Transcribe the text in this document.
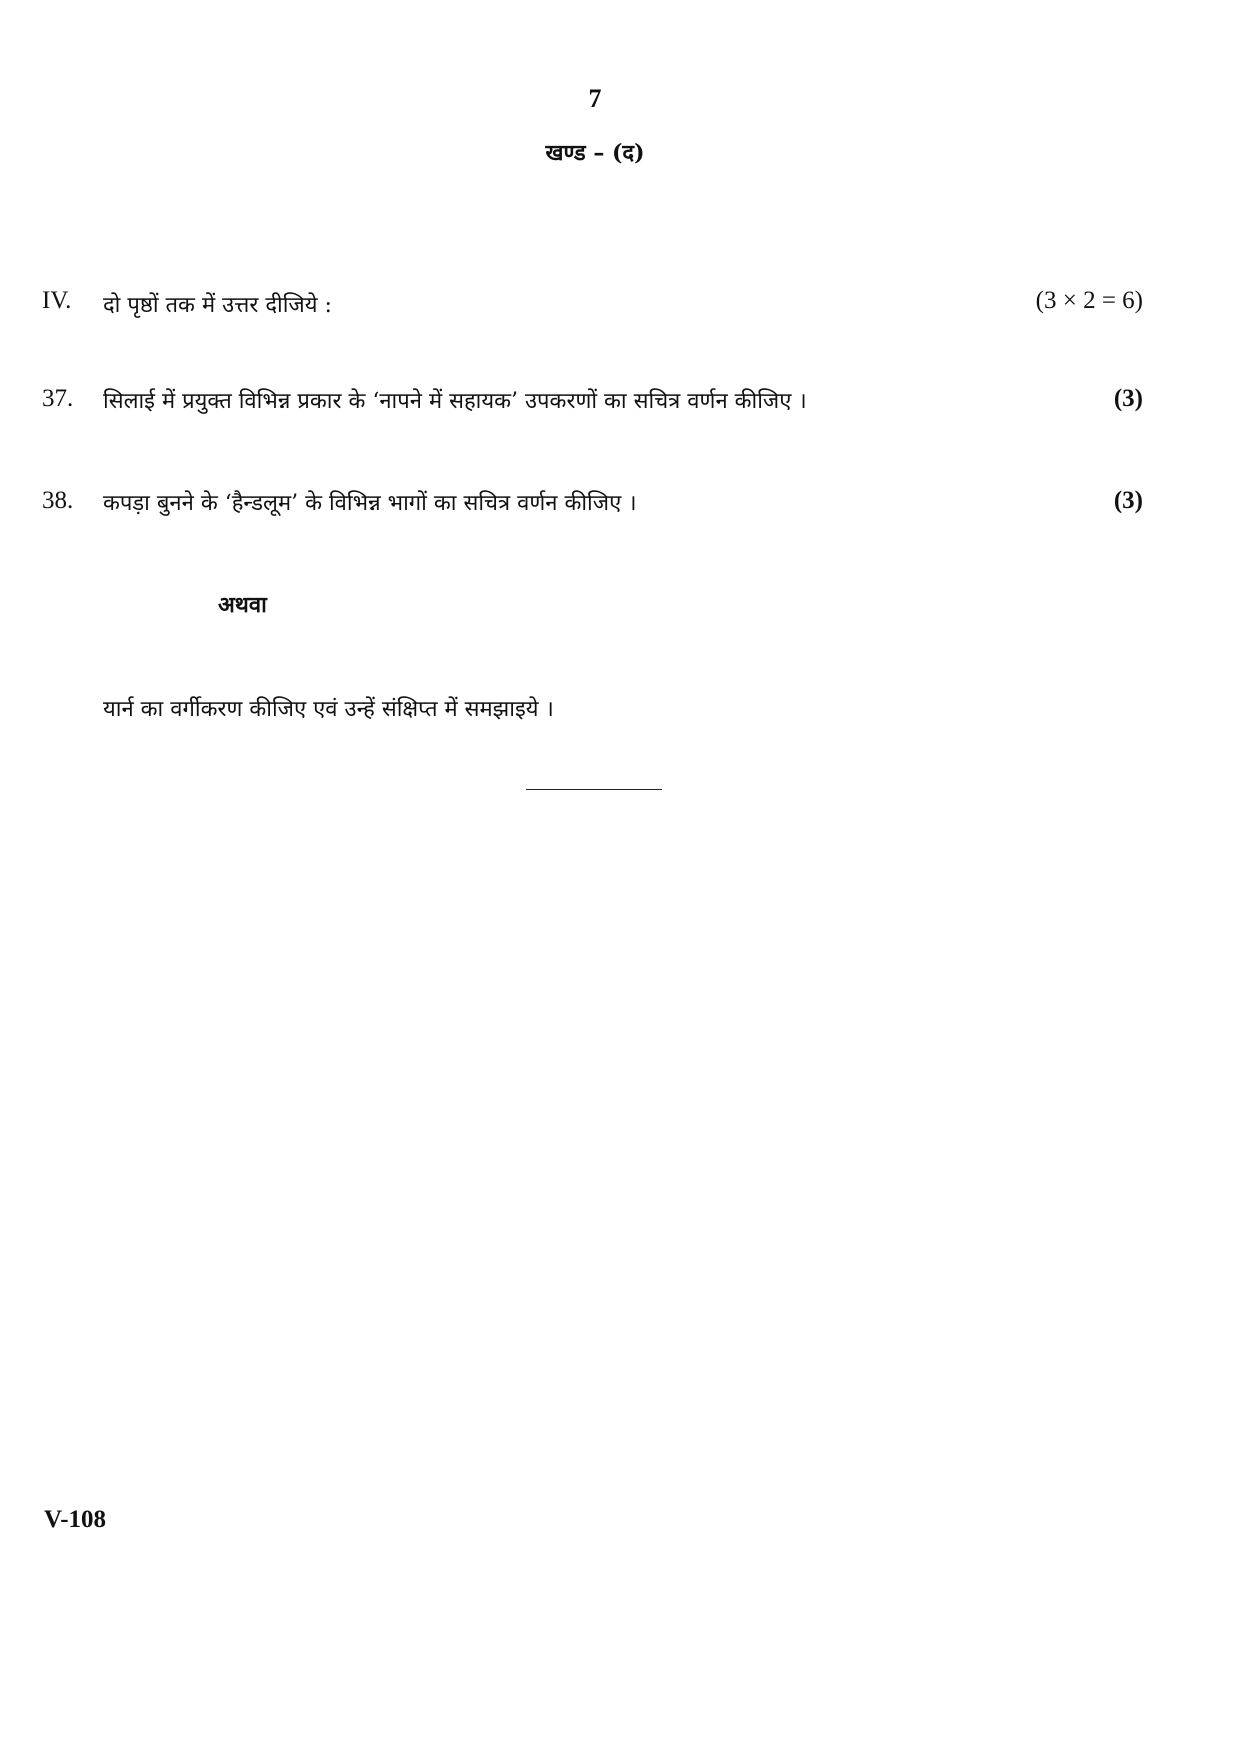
7
खण्ड – (द)
IV. दो पृष्ठों तक में उत्तर दीजिये :	(3 × 2 = 6)
37. सिलाई में प्रयुक्त विभिन्न प्रकार के ‘नापने में सहायक’ उपकरणों का सचित्र वर्णन कीजिए ।	(3)
38. कपड़ा बुनने के ‘हैन्डलूम’ के विभिन्न भागों का सचित्र वर्णन कीजिए ।	(3)
अथवा
यार्न का वर्गीकरण कीजिए एवं उन्हें संक्षिप्त में समझाइये ।
V-108
